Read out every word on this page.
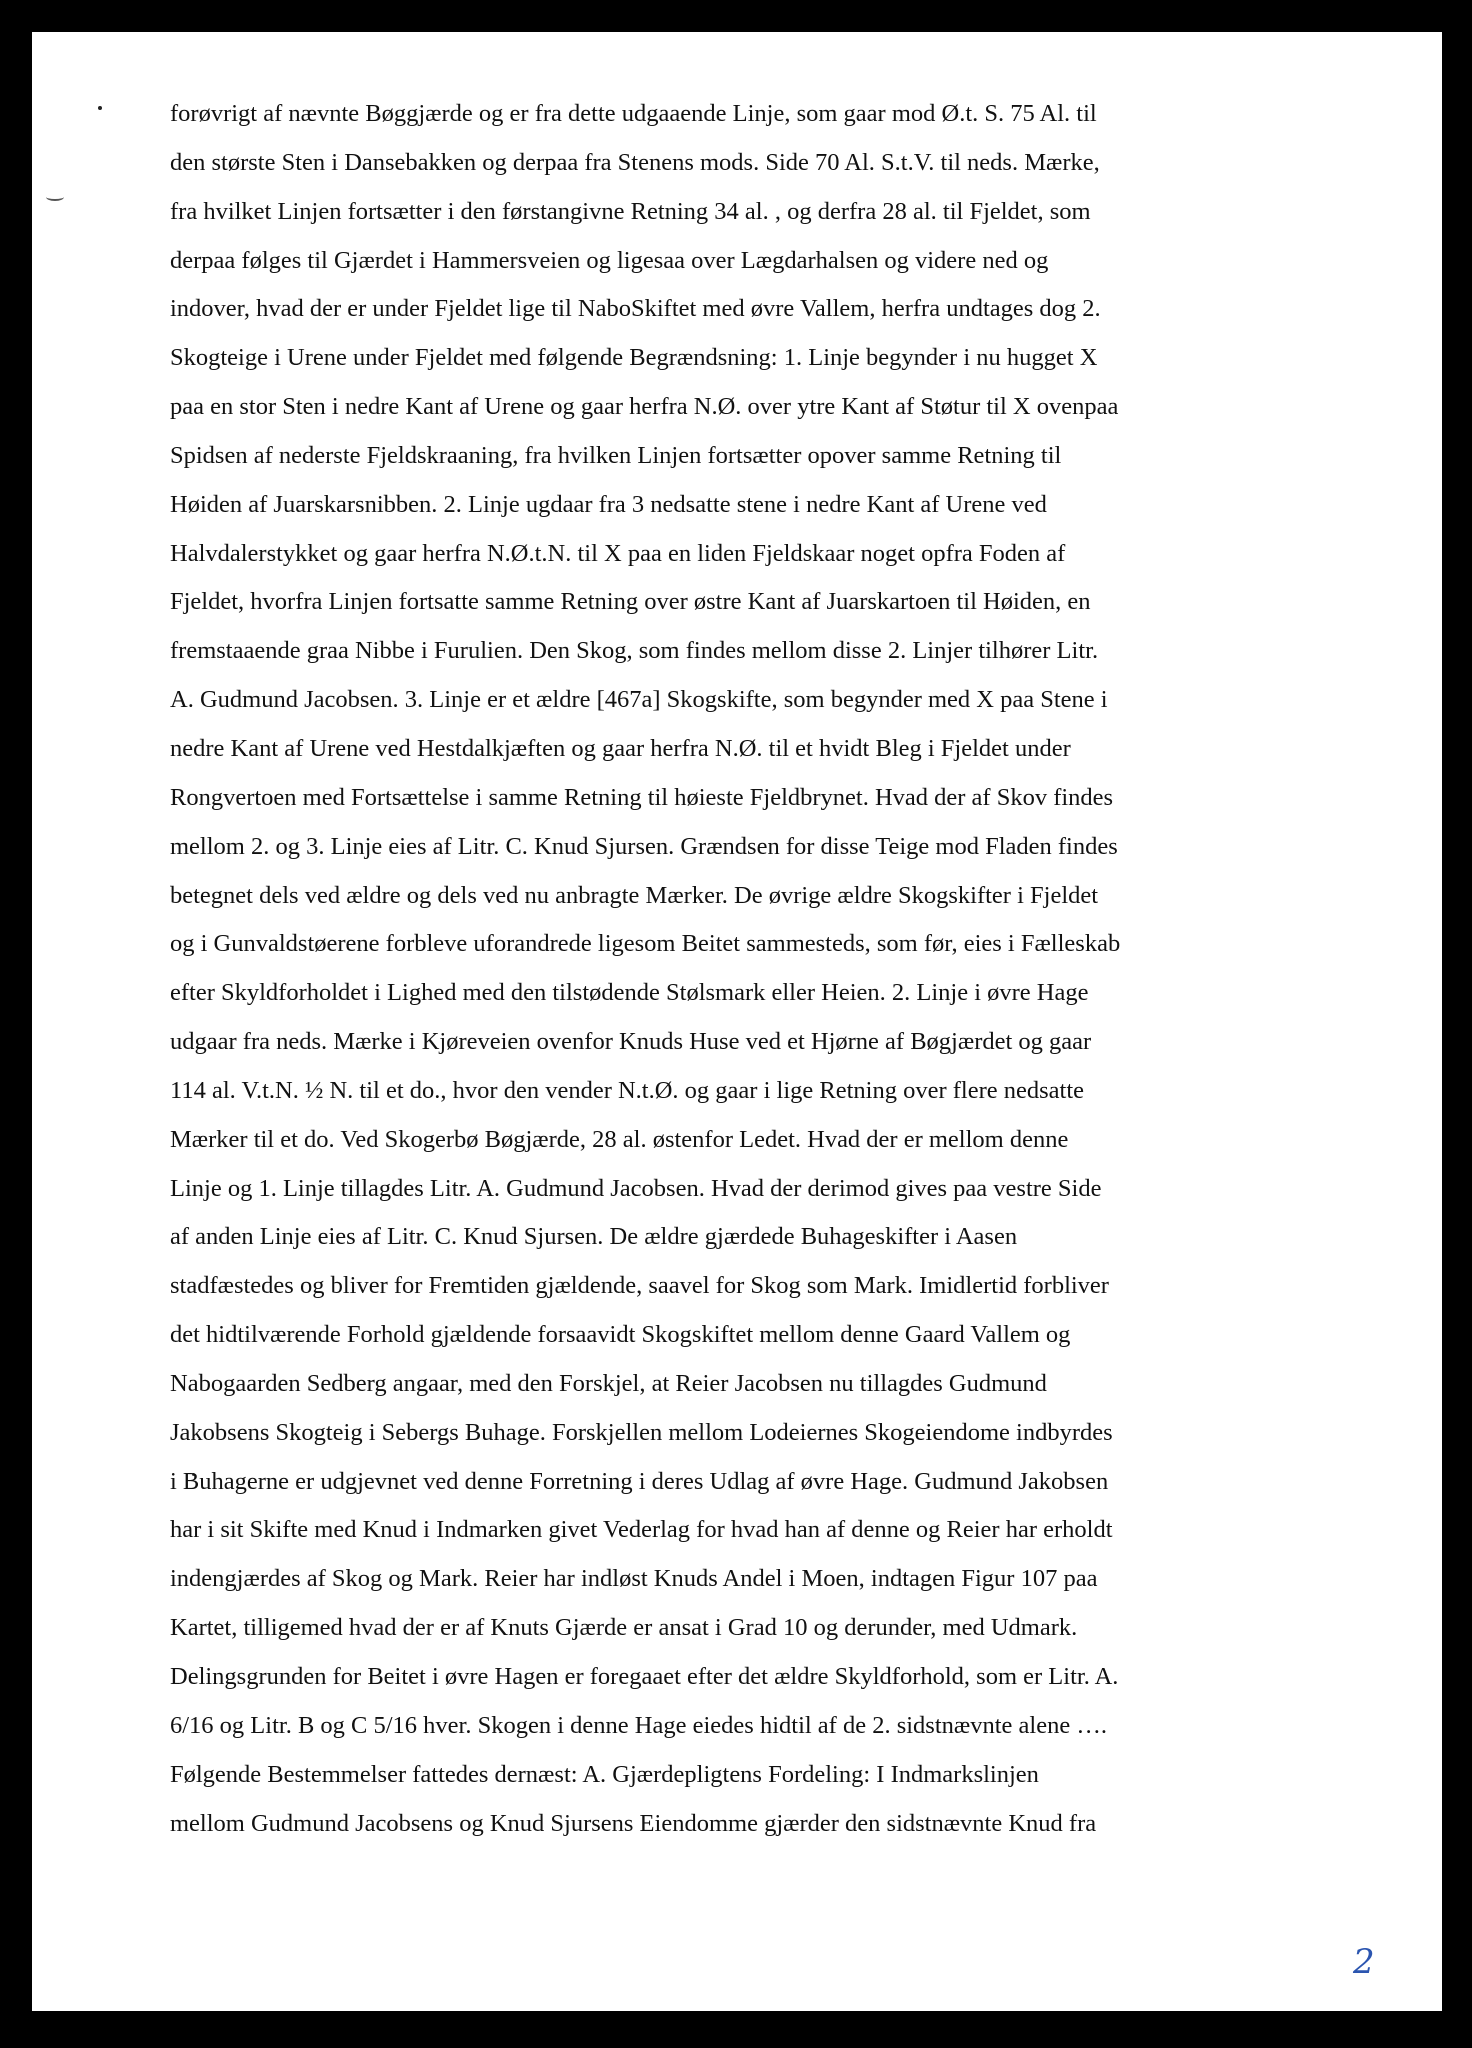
forøvrigt af nævnte Bøggjærde og er fra dette udgaaende Linje, som gaar mod Ø.t. S. 75 Al. til
den største Sten i Dansebakken og derpaa fra Stenens mods. Side 70 Al. S.t.V. til neds. Mærke,
fra hvilket Linjen fortsætter i den førstangivne Retning 34 al. , og derfra 28 al. til Fjeldet, som
derpaa følges til Gjærdet i Hammersveien og ligesaa over Lægdarhalsen og videre ned og
indover, hvad der er under Fjeldet lige til NaboSkiftet med øvre Vallem, herfra undtages dog 2.
Skogteige i Urene under Fjeldet med følgende Begrændsning: 1. Linje begynder i nu hugget X
paa en stor Sten i nedre Kant af Urene og gaar herfra N.Ø. over ytre Kant af Støtur til X ovenpaa
Spidsen af nederste Fjeldskraaning, fra hvilken Linjen fortsætter opover samme Retning til
Høiden af Juarskarsnibben. 2. Linje ugdaar fra 3 nedsatte stene i nedre Kant af Urene ved
Halvdalerstykket og gaar herfra N.Ø.t.N. til X paa en liden Fjeldskaar noget opfra Foden af
Fjeldet, hvorfra Linjen fortsatte samme Retning over østre Kant af Juarskartoen til Høiden, en
fremstaaende graa Nibbe i Furulien. Den Skog, som findes mellom disse 2. Linjer tilhører Litr.
A. Gudmund Jacobsen. 3. Linje er et ældre [467a] Skogskifte, som begynder med X paa Stene i
nedre Kant af Urene ved Hestdalkjæften og gaar herfra N.Ø. til et hvidt Bleg i Fjeldet under
Rongvertoen med Fortsættelse i samme Retning til høieste Fjeldbrynet. Hvad der af Skov findes
mellom 2. og 3. Linje eies af Litr. C. Knud Sjursen. Grændsen for disse Teige mod Fladen findes
betegnet dels ved ældre og dels ved nu anbragte Mærker. De øvrige ældre Skogskifter i Fjeldet
og i Gunvaldstøerene forbleve uforandrede ligesom Beitet sammesteds, som før, eies i Fælleskab
efter Skyldforholdet i Lighed med den tilstødende Stølsmark eller Heien. 2. Linje i øvre Hage
udgaar fra neds. Mærke i Kjøreveien ovenfor Knuds Huse ved et Hjørne af Bøgjærdet og gaar
114 al. V.t.N. ½ N. til et do., hvor den vender N.t.Ø. og gaar i lige Retning over flere nedsatte
Mærker til et do. Ved Skogerbø Bøgjærde, 28 al. østenfor Ledet. Hvad der er mellom denne
Linje og 1. Linje tillagdes Litr. A. Gudmund Jacobsen. Hvad der derimod gives paa vestre Side
af anden Linje eies af Litr. C. Knud Sjursen. De ældre gjærdede Buhageskifter i Aasen
stadfæstedes og bliver for Fremtiden gjældende, saavel for Skog som Mark. Imidlertid forbliver
det hidtilværende Forhold gjældende forsaavidt Skogskiftet mellom denne Gaard Vallem og
Nabogaarden Sedberg angaar, med den Forskjel, at Reier Jacobsen nu tillagdes Gudmund
Jakobsens Skogteig i Sebergs Buhage. Forskjellen mellom Lodeiernes Skogeiendome indbyrdes
i Buhagerne er udgjevnet ved denne Forretning i deres Udlag af øvre Hage. Gudmund Jakobsen
har i sit Skifte med Knud i Indmarken givet Vederlag for hvad han af denne og Reier har erholdt
indengjærdes af Skog og Mark. Reier har indløst Knuds Andel i Moen, indtagen Figur 107 paa
Kartet, tilligemed hvad der er af Knuts Gjærde er ansat i Grad 10 og derunder, med Udmark.
Delingsgrunden for Beitet i øvre Hagen er foregaaet efter det ældre Skyldforhold, som er Litr. A.
6/16 og Litr. B og C 5/16 hver. Skogen i denne Hage eiedes hidtil af de 2. sidstnævnte alene ….
Følgende Bestemmelser fattedes dernæst: A. Gjærdepligtens Fordeling: I Indmarkslinjen
mellom Gudmund Jacobsens og Knud Sjursens Eiendomme gjærder den sidstnævnte Knud fra
2
